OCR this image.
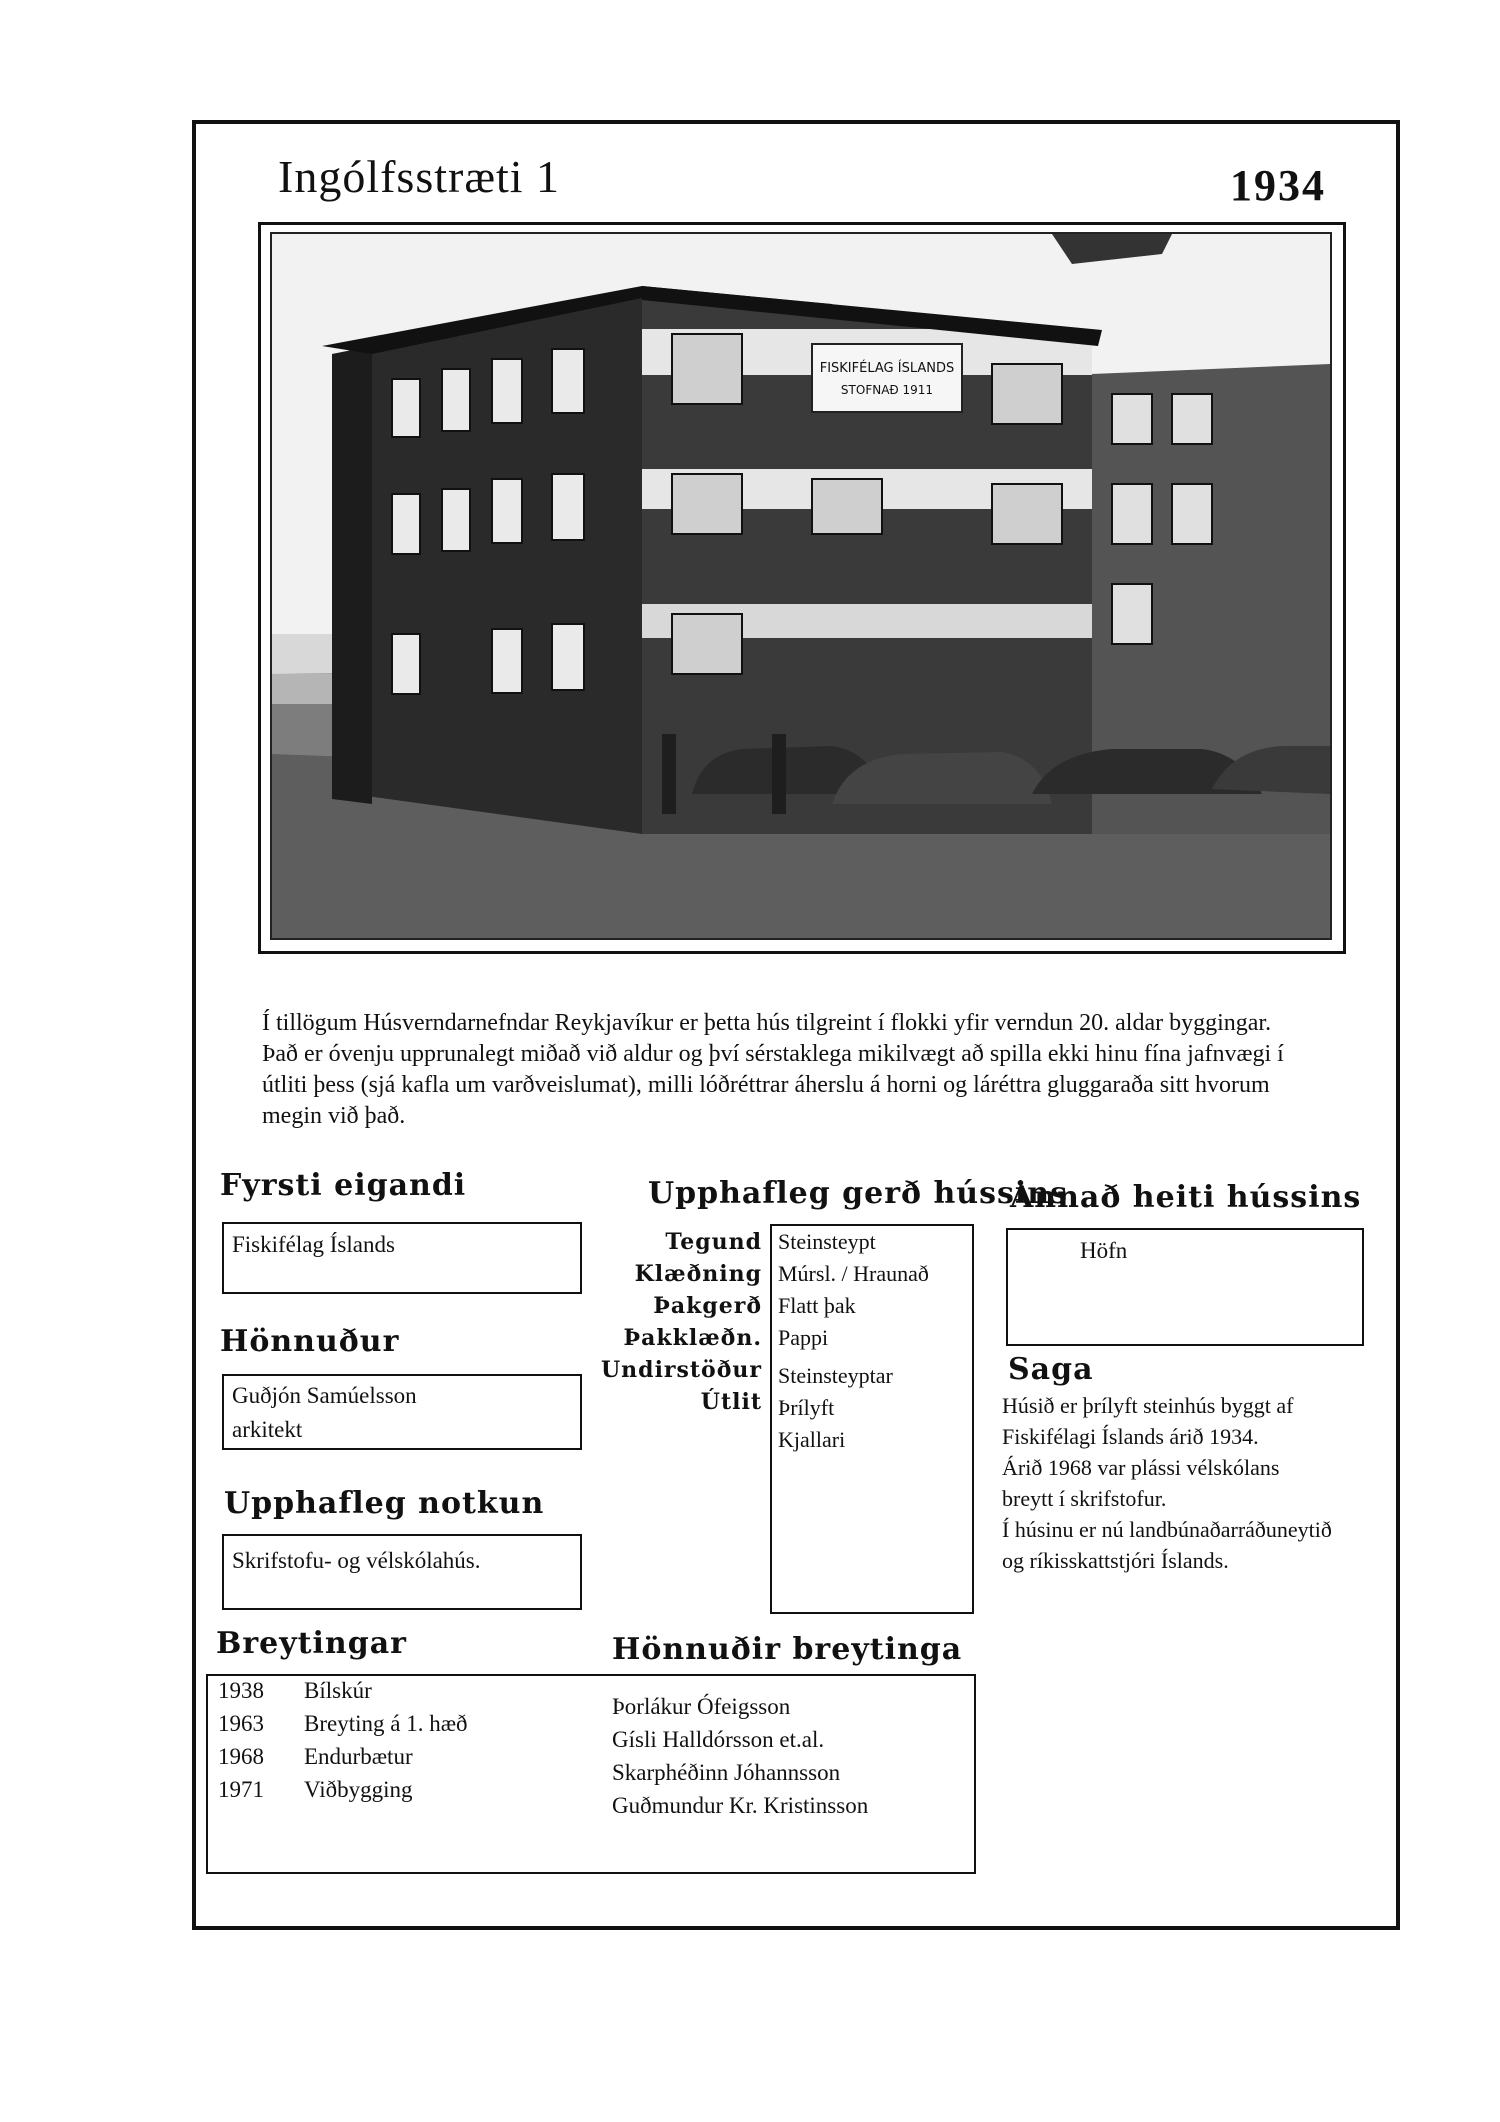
Ingólfsstræti 1	1934
FISKIFÉLAG ÍSLANDS
STOFNAÐ 1911
Í tillögum Húsverndarnefndar Reykjavíkur er þetta hús tilgreint í flokki yfir verndun 20. aldar byggingar.
Það er óvenju upprunalegt miðað við aldur og því sérstaklega mikilvægt að spilla ekki hinu fína jafnvægi í
útliti þess (sjá kafla um varðveislumat), milli lóðréttrar áherslu á horni og láréttra gluggaraða sitt hvorum
megin við það.
Fyrsti eigandi
Fiskifélag Íslands
Hönnuður
Guðjón Samúelsson
arkitekt
Upphafleg notkun
Skrifstofu- og vélskólahús.
Upphafleg gerð hússins
Tegund
Klæðning
Þakgerð
Þakklæðn.
Undirstöður
Útlit
Steinsteypt
Múrsl. / Hraunað
Flatt þak
Pappi
Steinsteyptar
Þrílyft
Kjallari
Annað heiti hússins
Höfn
Saga
Húsið er þrílyft steinhús byggt af
Fiskifélagi Íslands árið 1934.
Árið 1968 var plássi vélskólans
breytt í skrifstofur.
Í húsinu er nú landbúnaðarráðuneytið
og ríkisskattstjóri Íslands.
Breytingar
1938 Bílskúr
1963 Breyting á 1. hæð
1968 Endurbætur
1971 Viðbygging
Hönnuðir breytinga
Þorlákur Ófeigsson
Gísli Halldórsson et.al.
Skarphéðinn Jóhannsson
Guðmundur Kr. Kristinsson
